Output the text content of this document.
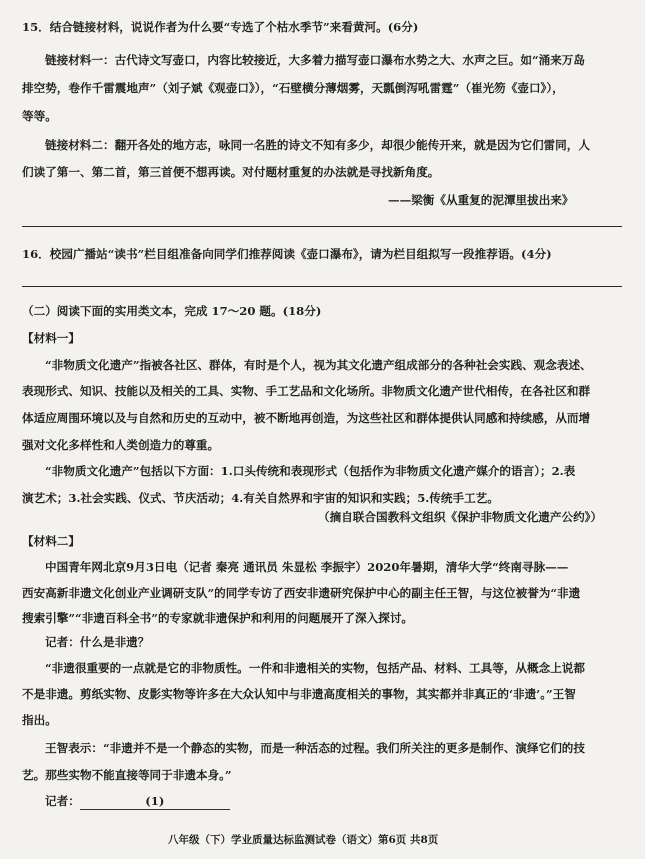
15．结合链接材料，说说作者为什么要“专选了个枯水季节”来看黄河。(6分)
链接材料一：古代诗文写壶口，内容比较接近，大多着力描写壶口瀑布水势之大、水声之巨。如“涌来万岛
排空势，卷作千雷震地声”（刘子斌《观壶口》），“石壁横分薄烟雾，天瓢倒泻吼雷霆”（崔光笏《壶口》），
等等。
链接材料二：翻开各处的地方志，咏同一名胜的诗文不知有多少，却很少能传开来，就是因为它们雷同，人
们读了第一、第二首，第三首便不想再读。对付题材重复的办法就是寻找新角度。
——梁衡《从重复的泥潭里拔出来》
16．校园广播站“读书”栏目组准备向同学们推荐阅读《壶口瀑布》，请为栏目组拟写一段推荐语。(4分)
（二）阅读下面的实用类文本，完成 17～20 题。(18分)
【材料一】
“非物质文化遗产”指被各社区、群体，有时是个人，视为其文化遗产组成部分的各种社会实践、观念表述、
表现形式、知识、技能以及相关的工具、实物、手工艺品和文化场所。非物质文化遗产世代相传，在各社区和群
体适应周围环境以及与自然和历史的互动中，被不断地再创造，为这些社区和群体提供认同感和持续感，从而增
强对文化多样性和人类创造力的尊重。
“非物质文化遗产”包括以下方面：1.口头传统和表现形式（包括作为非物质文化遗产媒介的语言）；2.表
演艺术；3.社会实践、仪式、节庆活动；4.有关自然界和宇宙的知识和实践；5.传统手工艺。
（摘自联合国教科文组织《保护非物质文化遗产公约》）
【材料二】
中国青年网北京9月3日电（记者 秦亮 通讯员 朱显松 李振宇）2020年暑期，清华大学“终南寻脉——
西安高新非遗文化创业产业调研支队”的同学专访了西安非遗研究保护中心的副主任王智，与这位被誉为“非遗
搜索引擎”“非遗百科全书”的专家就非遗保护和利用的问题展开了深入探讨。
记者：什么是非遗？
“非遗很重要的一点就是它的非物质性。一件和非遗相关的实物，包括产品、材料、工具等，从概念上说都
不是非遗。剪纸实物、皮影实物等许多在大众认知中与非遗高度相关的事物，其实都并非真正的‘非遗’。”王智
指出。
王智表示：“非遗并不是一个静态的实物，而是一种活态的过程。我们所关注的更多是制作、演绎它们的技
艺。那些实物不能直接等同于非遗本身。”
记者：	(1)
八年级（下）学业质量达标监测试卷（语文）第6页 共8页
